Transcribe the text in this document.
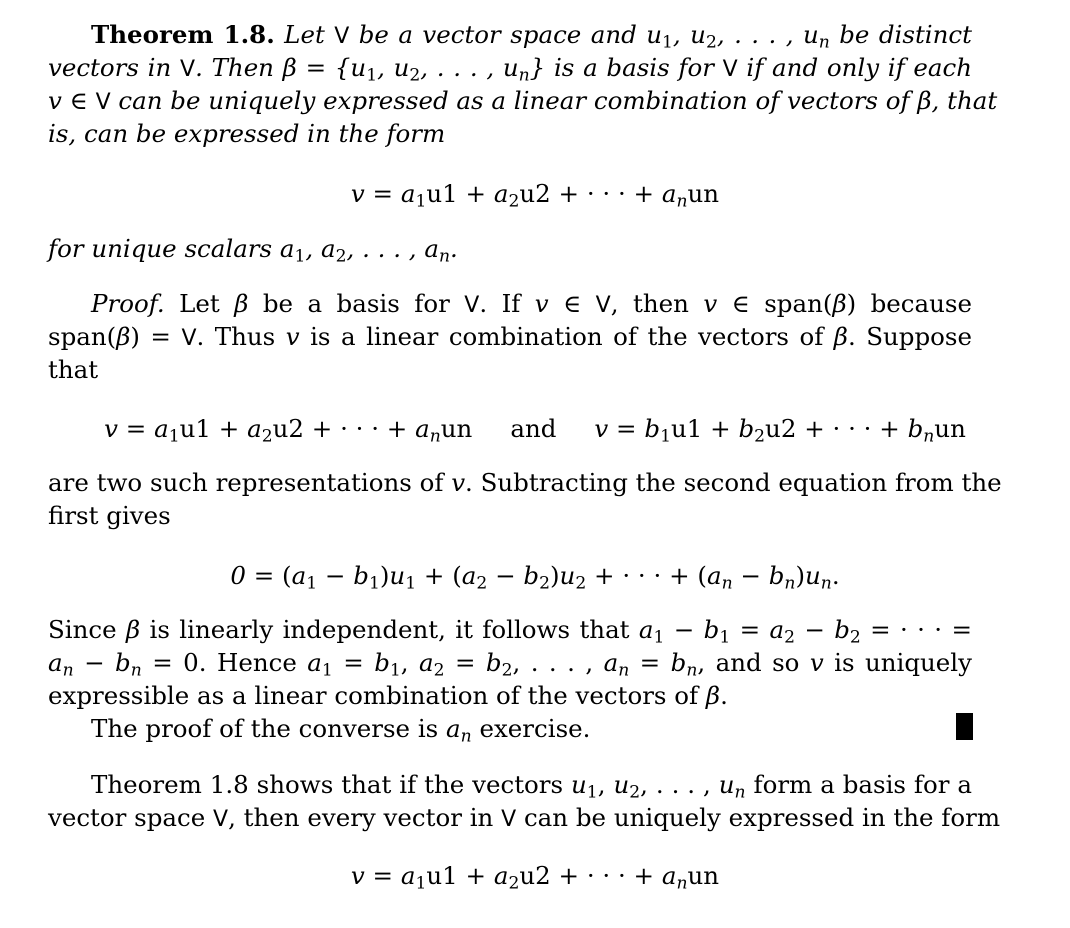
Theorem 1.8. Let V be a vector space and $u_1$, $u_2$, . . . , $u_n$ be distinct
vectors in V. Then $\beta = \{u_1$, $u_2$, . . . , $u_n$} is a basis for V if and only if each
v ∈ V can be uniquely expressed as a linear combination of vectors of β, that
is, can be expressed in the form
$v = a_1u1 + a_2u2$ + · · · + $a_nun$
for unique scalars $a_1$, $a_2$, . . . , $a_n$.
Proof. Let β be a basis for V. If v ∈ V, then v ∈ span(β) because
span(β) = V. Thus v is a linear combination of the vectors of β. Suppose
that
$v = a_1u1 + a_2u2$ + · · · + $a_nun$ and $v = b_1u1 + b_2u2$ + · · · + $b_nun$
are two such representations of v. Subtracting the second equation from the
first gives
$0 = (a_1 - b_1)u_1 + (a_2 - b_2)u_2$ + · · · + $(a_n - b_n)u_n$.
Since β is linearly independent, it follows that $a_1 - b_1 = a_2 - b_2$ = · · · =
$a_n - b_n = 0$. Hence $a_1 = b_1$, $a_2 = b_2$, . . . , $a_n = b_n$, and so v is uniquely
expressible as a linear combination of the vectors of β.
The proof of the converse is $a_n$ exercise.
Theorem 1.8 shows that if the vectors $u_1$, $u_2$, . . . , $u_n$ form a basis for a
vector space V, then every vector in V can be uniquely expressed in the form
$v = a_1u1 + a_2u2$ + · · · + $a_nun$
